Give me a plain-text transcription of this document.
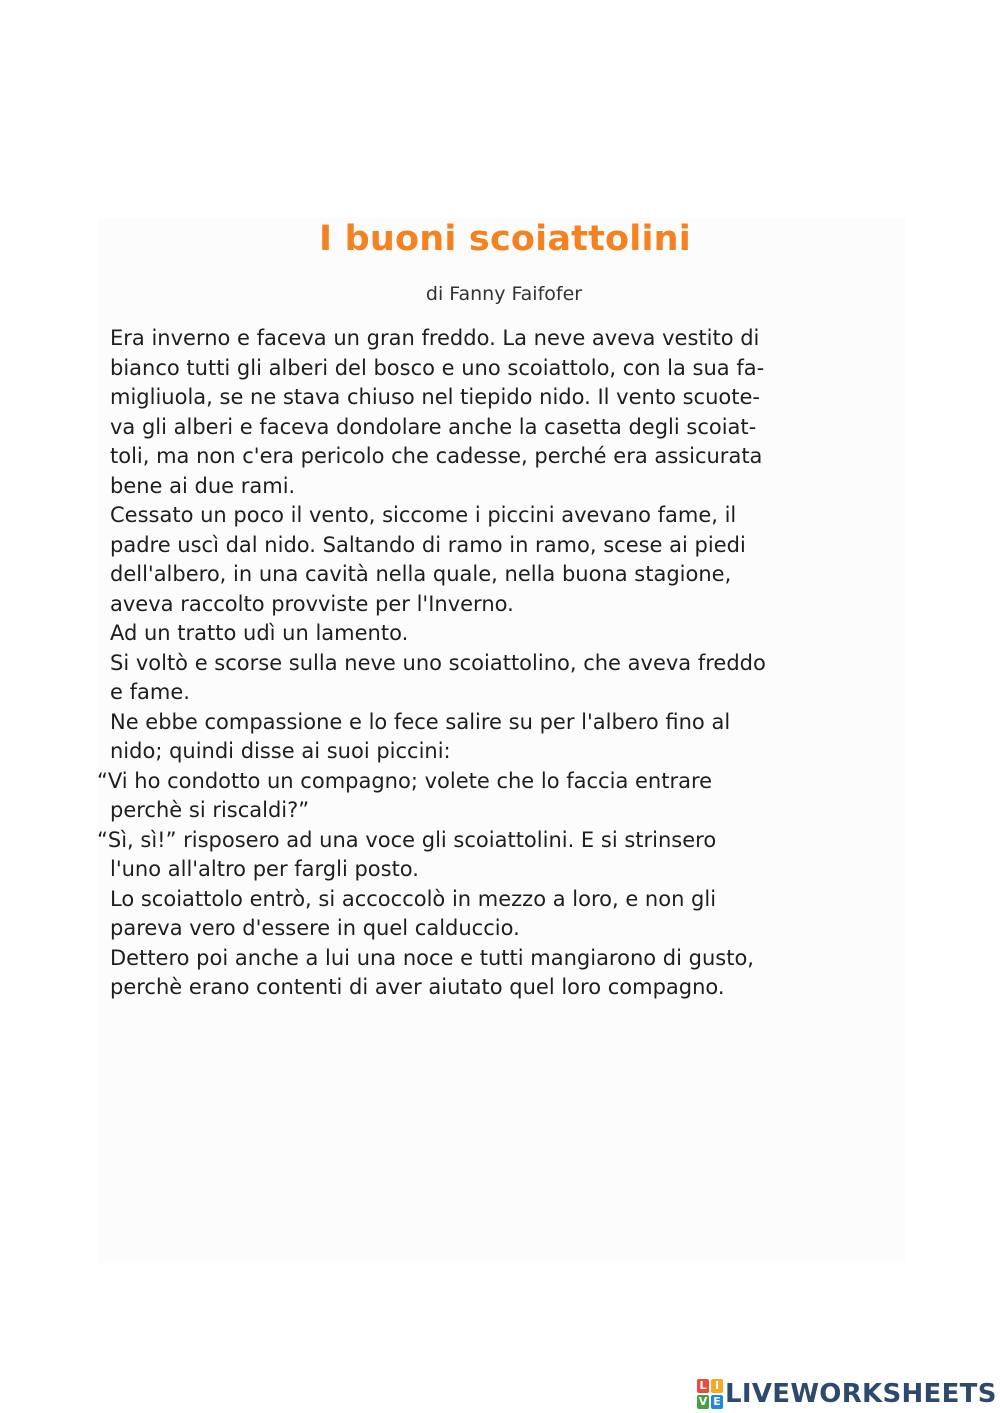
I buoni scoiattolini

di Fanny Faifofer

Era inverno e faceva un gran freddo. La neve aveva vestito di
bianco tutti gli alberi del bosco e uno scoiattolo, con la sua fa-
migliuola, se ne stava chiuso nel tiepido nido. Il vento scuote-
va gli alberi e faceva dondolare anche la casetta degli scoiat-
toli, ma non c'era pericolo che cadesse, perché era assicurata
bene ai due rami.
Cessato un poco il vento, siccome i piccini avevano fame, il
padre uscì dal nido. Saltando di ramo in ramo, scese ai piedi
dell'albero, in una cavità nella quale, nella buona stagione,
aveva raccolto provviste per l'Inverno.
Ad un tratto udì un lamento.
Si voltò e scorse sulla neve uno scoiattolino, che aveva freddo
e fame.
Ne ebbe compassione e lo fece salire su per l'albero fino al
nido; quindi disse ai suoi piccini:
“Vi ho condotto un compagno; volete che lo faccia entrare
perchè si riscaldi?”
“Sì, sì!” risposero ad una voce gli scoiattolini. E si strinsero
l'uno all'altro per fargli posto.
Lo scoiattolo entrò, si accoccolò in mezzo a loro, e non gli
pareva vero d'essere in quel calduccio.
Dettero poi anche a lui una noce e tutti mangiarono di gusto,
perchè erano contenti di aver aiutato quel loro compagno.
L I
V E LIVEWORKSHEETS
